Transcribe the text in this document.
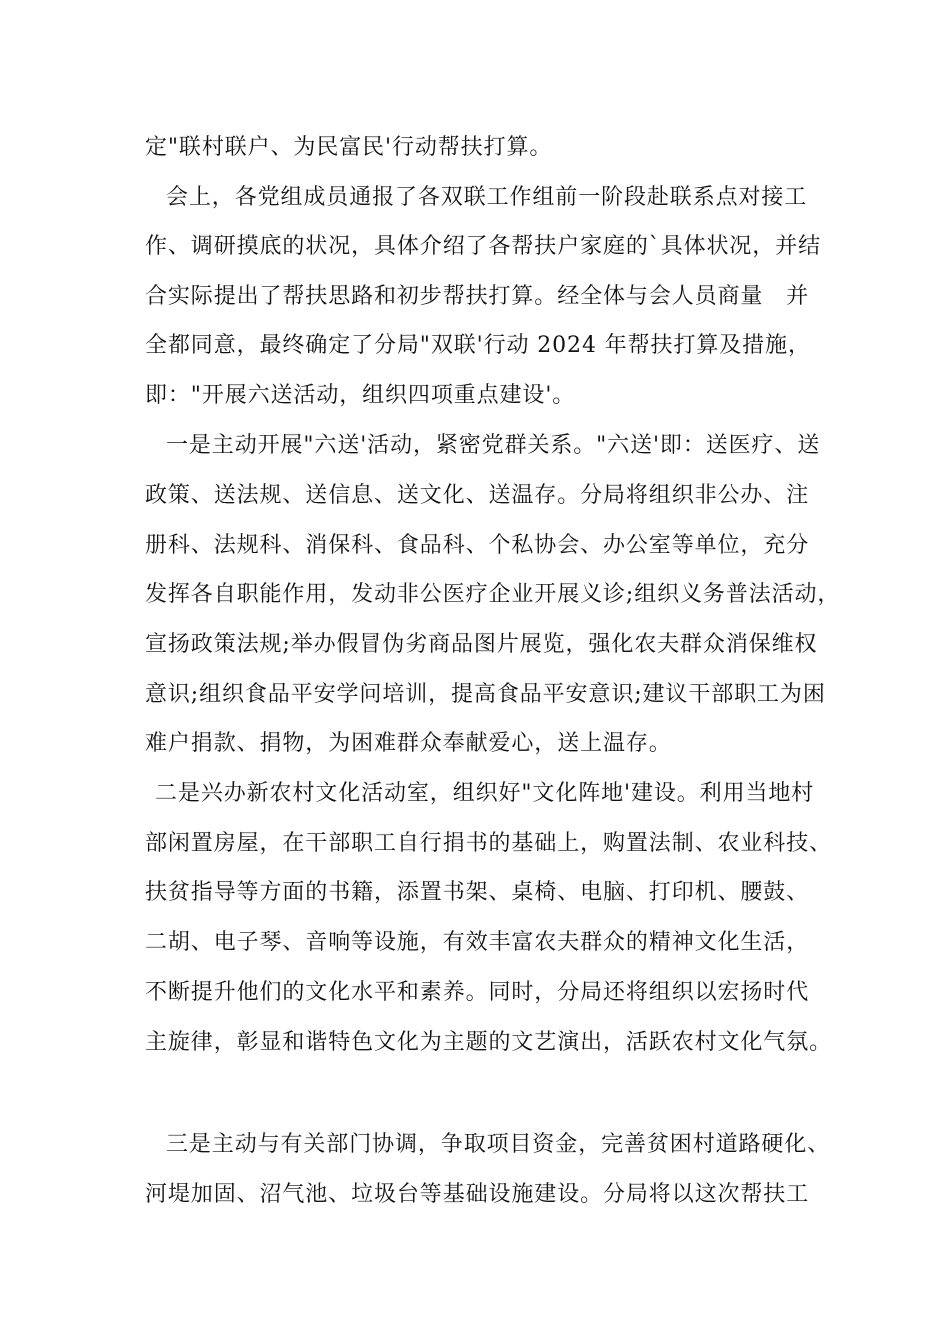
定"联村联户、为民富民'行动帮扶打算。
会上，各党组成员通报了各双联工作组前一阶段赴联系点对接工
作、调研摸底的状况，具体介绍了各帮扶户家庭的`具体状况，并结
合实际提出了帮扶思路和初步帮扶打算。经全体与会人员商量　并
全都同意，最终确定了分局"双联'行动 2024 年帮扶打算及措施，
即："开展六送活动，组织四项重点建设'。
一是主动开展"六送'活动，紧密党群关系。"六送'即：送医疗、送
政策、送法规、送信息、送文化、送温存。分局将组织非公办、注
册科、法规科、消保科、食品科、个私协会、办公室等单位，充分
发挥各自职能作用，发动非公医疗企业开展义诊;组织义务普法活动，
宣扬政策法规;举办假冒伪劣商品图片展览，强化农夫群众消保维权
意识;组织食品平安学问培训，提高食品平安意识;建议干部职工为困
难户捐款、捐物，为困难群众奉献爱心，送上温存。
二是兴办新农村文化活动室，组织好"文化阵地'建设。利用当地村
部闲置房屋，在干部职工自行捐书的基础上，购置法制、农业科技、
扶贫指导等方面的书籍，添置书架、桌椅、电脑、打印机、腰鼓、
二胡、电子琴、音响等设施，有效丰富农夫群众的精神文化生活，
不断提升他们的文化水平和素养。同时，分局还将组织以宏扬时代
主旋律，彰显和谐特色文化为主题的文艺演出，活跃农村文化气氛。
三是主动与有关部门协调，争取项目资金，完善贫困村道路硬化、
河堤加固、沼气池、垃圾台等基础设施建设。分局将以这次帮扶工
